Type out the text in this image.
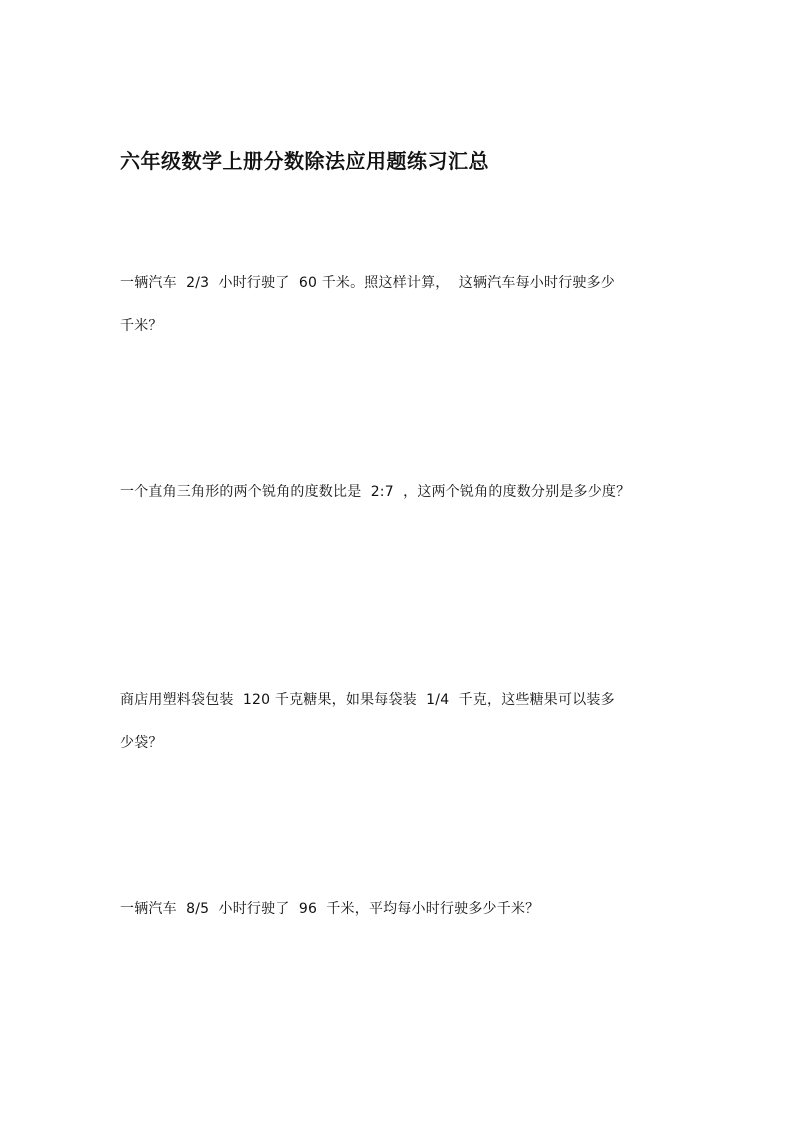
六年级数学上册分数除法应用题练习汇总
一辆汽车  2/3  小时行驶了  60 千米。照这样计算，  这辆汽车每小时行驶多少
千米？
一个直角三角形的两个锐角的度数比是  2:7  ，这两个锐角的度数分别是多少度？
商店用塑料袋包装  120 千克糖果，如果每袋装  1/4  千克，这些糖果可以装多
少袋？
一辆汽车  8/5  小时行驶了  96  千米，平均每小时行驶多少千米？
